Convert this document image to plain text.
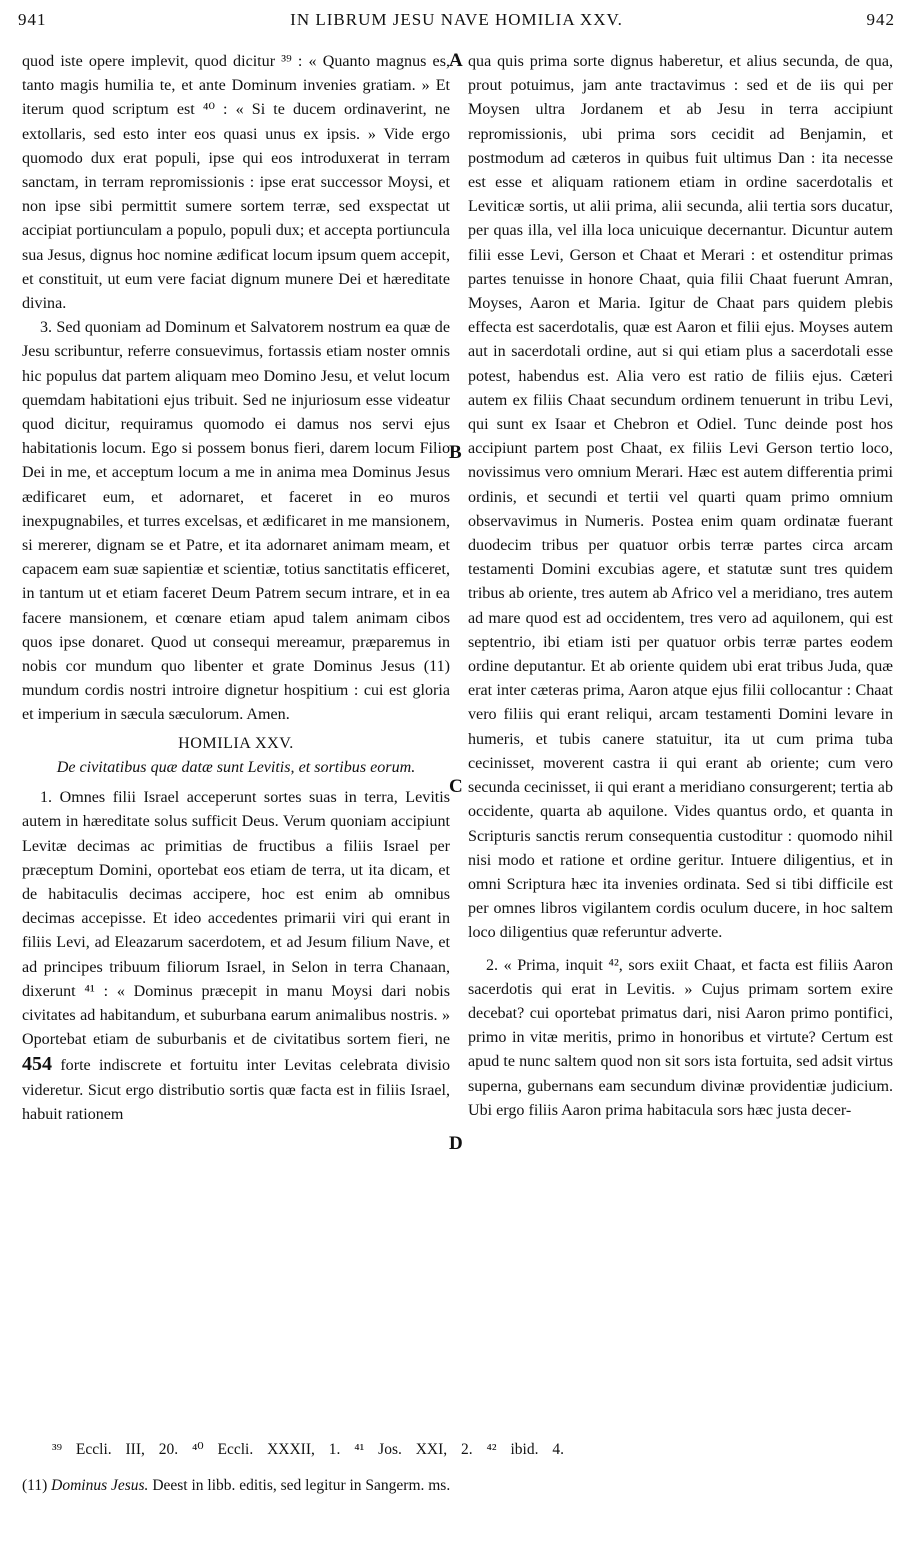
941	IN LIBRUM JESU NAVE HOMILIA XXV.	942

quod iste opere implevit, quod dicitur ³⁹ : « Quanto magnus es, tanto magis humilia te, et ante Dominum invenies gratiam. » Et iterum quod scriptum est ⁴⁰ : « Si te ducem ordinaverint, ne extollaris, sed esto inter eos quasi unus ex ipsis. » Vide ergo quomodo dux erat populi, ipse qui eos introduxerat in terram sanctam, in terram repromissionis : ipse erat successor Moysi, et non ipse sibi permittit sumere sortem terræ, sed exspectat ut accipiat portiunculam a populo, populi dux; et accepta portiuncula sua Jesus, dignus hoc nomine ædificat locum ipsum quem accepit, et constituit, ut eum vere faciat dignum munere Dei et hæreditate divina.

3. Sed quoniam ad Dominum et Salvatorem nostrum ea quæ de Jesu scribuntur, referre consuevimus, fortassis etiam noster omnis hic populus dat partem aliquam meo Domino Jesu, et velut locum quemdam habitationi ejus tribuit. Sed ne injuriosum esse videatur quod dicitur, requiramus quomodo ei damus nos servi ejus habitationis locum. Ego si possem bonus fieri, darem locum Filio Dei in me, et acceptum locum a me in anima mea Dominus Jesus ædificaret eum, et adornaret, et faceret in eo muros inexpugnabiles, et turres excelsas, et ædificaret in me mansionem, si mererer, dignam se et Patre, et ita adornaret animam meam, et capacem eam suæ sapientiæ et scientiæ, totius sanctitatis efficeret, in tantum ut et etiam faceret Deum Patrem secum intrare, et in ea facere mansionem, et cœnare etiam apud talem animam cibos quos ipse donaret. Quod ut consequi mereamur, præparemus in nobis cor mundum quo libenter et grate Dominus Jesus (11) mundum cordis nostri introire dignetur hospitium : cui est gloria et imperium in sæcula sæculorum. Amen.

HOMILIA XXV.

De civitatibus quæ datæ sunt Levitis, et sortibus eorum.

1. Omnes filii Israel acceperunt sortes suas in terra, Levitis autem in hæreditate solus sufficit Deus. Verum quoniam accipiunt Levitæ decimas ac primitias de fructibus a filiis Israel per præceptum Domini, oportebat eos etiam de terra, ut ita dicam, et de habitaculis decimas accipere, hoc est enim ab omnibus decimas accepisse. Et ideo accedentes primarii viri qui erant in filiis Levi, ad Eleazarum sacerdotem, et ad Jesum filium Nave, et ad principes tribuum filiorum Israel, in Selon in terra Chanaan, dixerunt ⁴¹ : « Dominus præcepit in manu Moysi dari nobis civitates ad habitandum, et suburbana earum animalibus nostris. » Oportebat etiam de suburbanis et de civitatibus sortem fieri, ne 454 forte indiscrete et fortuitu inter Levitas celebrata divisio videretur. Sicut ergo distributio sortis quæ facta est in filiis Israel, habuit rationem

A
B
C
D

qua quis prima sorte dignus haberetur, et alius secunda, de qua, prout potuimus, jam ante tractavimus : sed et de iis qui per Moysen ultra Jordanem et ab Jesu in terra accipiunt repromissionis, ubi prima sors cecidit ad Benjamin, et postmodum ad cæteros in quibus fuit ultimus Dan : ita necesse est esse et aliquam rationem etiam in ordine sacerdotalis et Leviticæ sortis, ut alii prima, alii secunda, alii tertia sors ducatur, per quas illa, vel illa loca unicuique decernantur. Dicuntur autem filii esse Levi, Gerson et Chaat et Merari : et ostenditur primas partes tenuisse in honore Chaat, quia filii Chaat fuerunt Amran, Moyses, Aaron et Maria. Igitur de Chaat pars quidem plebis effecta est sacerdotalis, quæ est Aaron et filii ejus. Moyses autem aut in sacerdotali ordine, aut si qui etiam plus a sacerdotali esse potest, habendus est. Alia vero est ratio de filiis ejus. Cæteri autem ex filiis Chaat secundum ordinem tenuerunt in tribu Levi, qui sunt ex Isaar et Chebron et Odiel. Tunc deinde post hos accipiunt partem post Chaat, ex filiis Levi Gerson tertio loco, novissimus vero omnium Merari. Hæc est autem differentia primi ordinis, et secundi et tertii vel quarti quam primo omnium observavimus in Numeris. Postea enim quam ordinatæ fuerant duodecim tribus per quatuor orbis terræ partes circa arcam testamenti Domini excubias agere, et statutæ sunt tres quidem tribus ab oriente, tres autem ab Africo vel a meridiano, tres autem ad mare quod est ad occidentem, tres vero ad aquilonem, qui est septentrio, ibi etiam isti per quatuor orbis terræ partes eodem ordine deputantur. Et ab oriente quidem ubi erat tribus Juda, quæ erat inter cæteras prima, Aaron atque ejus filii collocantur : Chaat vero filiis qui erant reliqui, arcam testamenti Domini levare in humeris, et tubis canere statuitur, ita ut cum prima tuba cecinisset, moverent castra ii qui erant ab oriente; cum vero secunda cecinisset, ii qui erant a meridiano consurgerent; tertia ab occidente, quarta ab aquilone. Vides quantus ordo, et quanta in Scripturis sanctis rerum consequentia custoditur : quomodo nihil nisi modo et ratione et ordine geritur. Intuere diligentius, et in omni Scriptura hæc ita invenies ordinata. Sed si tibi difficile est per omnes libros vigilantem cordis oculum ducere, in hoc saltem loco diligentius quæ referuntur adverte.

2. « Prima, inquit ⁴², sors exiit Chaat, et facta est filiis Aaron sacerdotis qui erat in Levitis. » Cujus primam sortem exire decebat? cui oportebat primatus dari, nisi Aaron primo pontifici, primo in vitæ meritis, primo in honoribus et virtute? Certum est apud te nunc saltem quod non sit sors ista fortuita, sed adsit virtus superna, gubernans eam secundum divinæ providentiæ judicium. Ubi ergo filiis Aaron prima habitacula sors hæc justa decer-

³⁹ Eccli. III, 20. ⁴⁰ Eccli. XXXII, 1. ⁴¹ Jos. XXI, 2. ⁴² ibid. 4.
(11) Dominus Jesus. Deest in libb. editis, sed legitur in Sangerm. ms.
